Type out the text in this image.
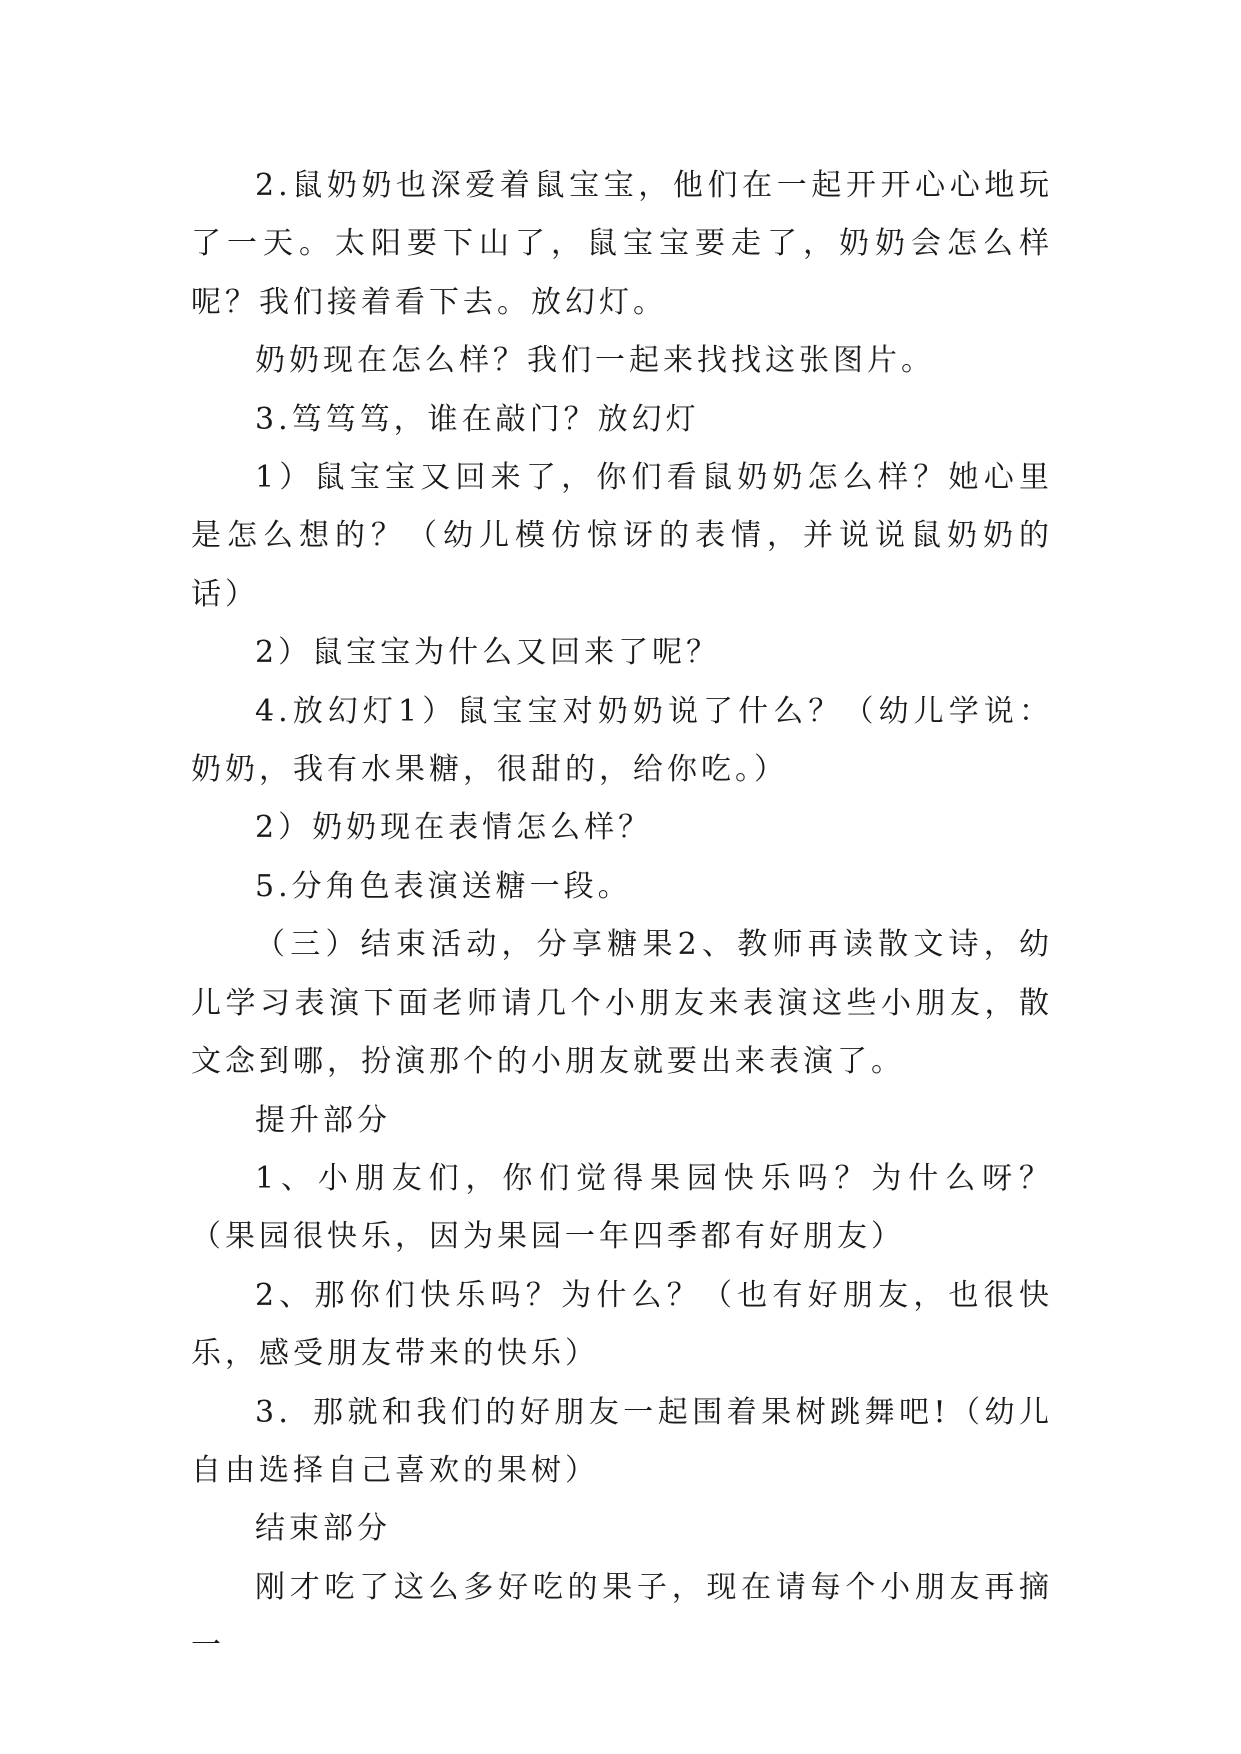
2.鼠奶奶也深爱着鼠宝宝，他们在一起开开心心地玩了一天。太阳要下山了，鼠宝宝要走了，奶奶会怎么样呢？我们接着看下去。放幻灯。

奶奶现在怎么样？我们一起来找找这张图片。

3.笃笃笃，谁在敲门？放幻灯

1）鼠宝宝又回来了，你们看鼠奶奶怎么样？她心里是怎么想的？（幼儿模仿惊讶的表情，并说说鼠奶奶的话）

2）鼠宝宝为什么又回来了呢？

4.放幻灯1）鼠宝宝对奶奶说了什么？（幼儿学说：奶奶，我有水果糖，很甜的，给你吃。）

2）奶奶现在表情怎么样？

5.分角色表演送糖一段。

（三）结束活动，分享糖果2、教师再读散文诗，幼儿学习表演下面老师请几个小朋友来表演这些小朋友，散文念到哪，扮演那个的小朋友就要出来表演了。

提升部分

1、小朋友们，你们觉得果园快乐吗？为什么呀？（果园很快乐，因为果园一年四季都有好朋友）

2、那你们快乐吗？为什么？（也有好朋友，也很快乐，感受朋友带来的快乐）

3．那就和我们的好朋友一起围着果树跳舞吧!（幼儿自由选择自己喜欢的果树）

结束部分

刚才吃了这么多好吃的果子，现在请每个小朋友再摘一
